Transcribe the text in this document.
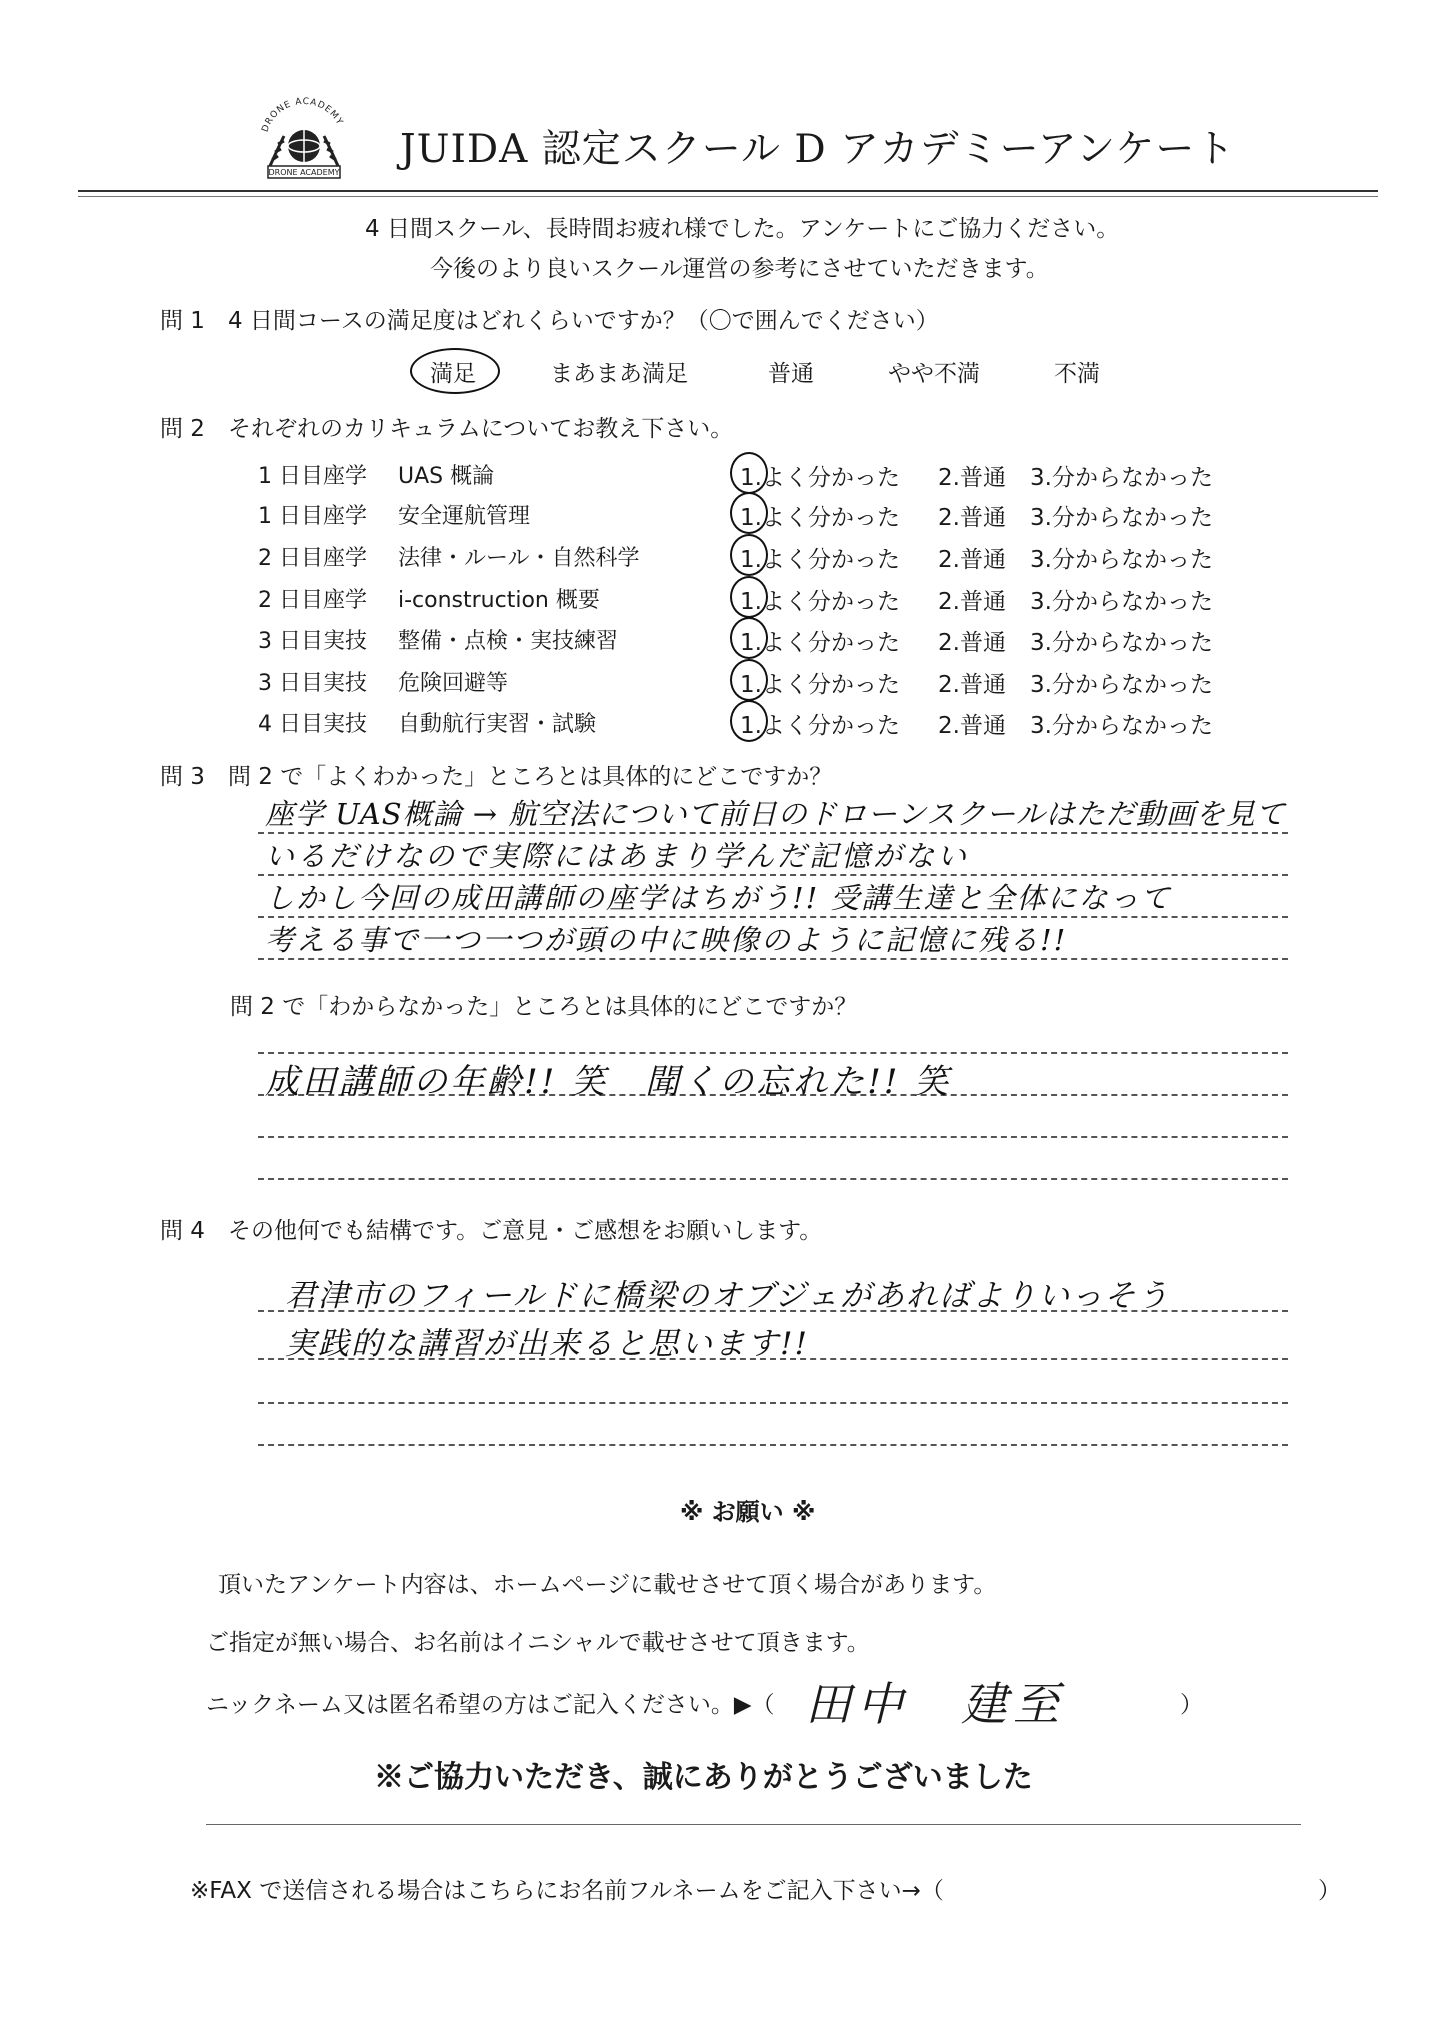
DRONE ACADEMY
DRONE ACADEMY
JUIDA 認定スクール D アカデミーアンケート
4 日間スクール、長時間お疲れ様でした。アンケートにご協力ください。
今後のより良いスクール運営の参考にさせていただきます。
問 1　4 日間コースの満足度はどれくらいですか？（〇で囲んでください）
満足	まあまあ満足	普通	やや不満	不満
問 2　それぞれのカリキュラムについてお教え下さい。
1 日目座学 UAS 概論	1.よく分かった 2.普通 3.分からなかった
1 日目座学 安全運航管理	1.よく分かった 2.普通 3.分からなかった
2 日目座学 法律・ルール・自然科学	1.よく分かった 2.普通 3.分からなかった
2 日目座学 i-construction 概要	1.よく分かった 2.普通 3.分からなかった
3 日目実技 整備・点検・実技練習	1.よく分かった 2.普通 3.分からなかった
3 日目実技 危険回避等	1.よく分かった 2.普通 3.分からなかった
4 日目実技 自動航行実習・試験	1.よく分かった 2.普通 3.分からなかった
問 3　問 2 で「よくわかった」ところとは具体的にどこですか？
座学 UAS概論 → 航空法について前日のドローンスクールはただ動画を見て
いるだけなので実際にはあまり学んだ記憶がない
しかし今回の成田講師の座学はちがう!! 受講生達と全体になって
考える事で一つ一つが頭の中に映像のように記憶に残る!!
問 2 で「わからなかった」ところとは具体的にどこですか？
成田講師の年齢!! 笑　聞くの忘れた!! 笑
問 4　その他何でも結構です。ご意見・ご感想をお願いします。
君津市のフィールドに橋梁のオブジェがあればよりいっそう
実践的な講習が出来ると思います!!
※ お願い ※
頂いたアンケート内容は、ホームページに載せさせて頂く場合があります。
ご指定が無い場合、お名前はイニシャルで載せさせて頂きます。
ニックネーム又は匿名希望の方はご記入ください。▶（ 田中　建至	）
※ご協力いただき、誠にありがとうございました
※FAX で送信される場合はこちらにお名前フルネームをご記入下さい→（	）
